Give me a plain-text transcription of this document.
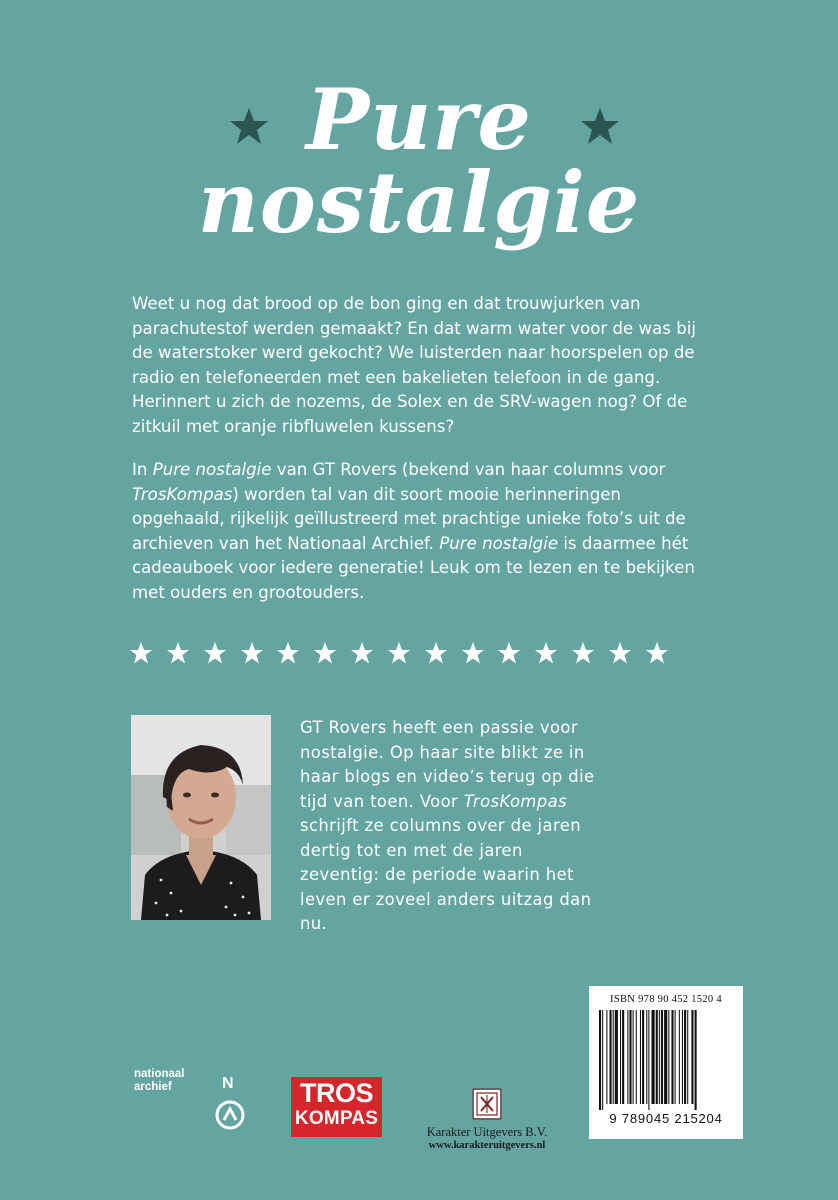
Pure
nostalgie

Weet u nog dat brood op de bon ging en dat trouwjurken van parachutestof werden gemaakt? En dat warm water voor de was bij de waterstoker werd gekocht? We luisterden naar hoorspelen op de radio en telefoneerden met een bakelieten telefoon in de gang. Herinnert u zich de nozems, de Solex en de SRV-wagen nog? Of de zitkuil met oranje ribfluwelen kussens?

In Pure nostalgie van GT Rovers (bekend van haar columns voor TrosKompas) worden tal van dit soort mooie herinneringen opgehaald, rijkelijk geïllustreerd met prachtige unieke foto’s uit de archieven van het Nationaal Archief. Pure nostalgie is daarmee hét cadeauboek voor iedere generatie! Leuk om te lezen en te bekijken met ouders en grootouders.

GT Rovers heeft een passie voor nostalgie. Op haar site blikt ze in haar blogs en video’s terug op die tijd van toen. Voor TrosKompas schrijft ze columns over de jaren dertig tot en met de jaren zeventig: de periode waarin het leven er zoveel anders uitzag dan nu.

ISBN 978 90 452 1520 4
9 789045 215204
nationaal
archief	N	TROS
KOMPAS
Karakter Uitgevers B.V.
www.karakteruitgevers.nl
